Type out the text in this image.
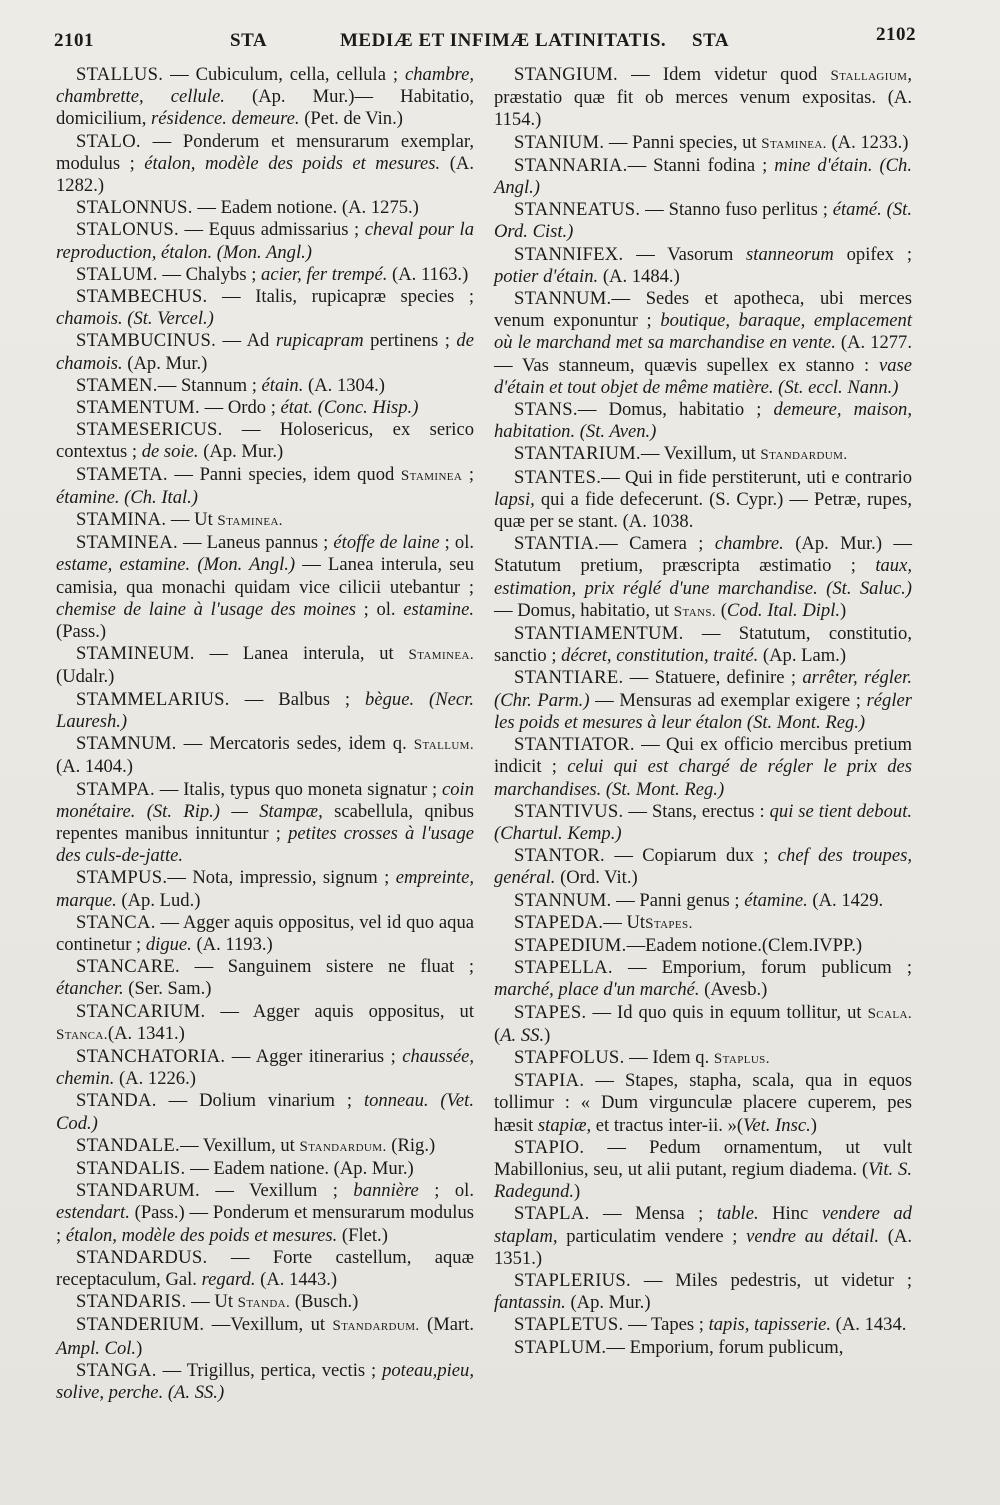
2101	STA	MEDIÆ ET INFIMÆ LATINITATIS. STA	2102

STALLUS. — Cubiculum, cella, cellula ; chambre, chambrette, cellule. (Ap. Mur.)— Habitatio, domicilium, résidence. demeure. (Pet. de Vin.)

STALO. — Ponderum et mensurarum exemplar, modulus ; étalon, modèle des poids et mesures. (A. 1282.)

STALONNUS. — Eadem notione. (A. 1275.)

STALONUS. — Equus admissarius ; cheval pour la reproduction, étalon. (Mon. Angl.)

STALUM. — Chalybs ; acier, fer trempé. (A. 1163.)

STAMBECHUS. — Italis, rupicapræ species ; chamois. (St. Vercel.)

STAMBUCINUS. — Ad rupicapram pertinens ; de chamois. (Ap. Mur.)

STAMEN.— Stannum ; étain. (A. 1304.)

STAMENTUM. — Ordo ; état. (Conc. Hisp.)

STAMESERICUS. — Holosericus, ex serico contextus ; de soie. (Ap. Mur.)

STAMETA. — Panni species, idem quod Staminea ; étamine. (Ch. Ital.)

STAMINA. — Ut Staminea.

STAMINEA. — Laneus pannus ; étoffe de laine ; ol. estame, estamine. (Mon. Angl.) — Lanea interula, seu camisia, qua monachi quidam vice cilicii utebantur ; chemise de laine à l'usage des moines ; ol. estamine. (Pass.)

STAMINEUM. — Lanea interula, ut Staminea. (Udalr.)

STAMMELARIUS. — Balbus ; bègue. (Necr. Lauresh.)

STAMNUM. — Mercatoris sedes, idem q. Stallum. (A. 1404.)

STAMPA. — Italis, typus quo moneta signatur ; coin monétaire. (St. Rip.) — Stampæ, scabellula, qnibus repentes manibus innituntur ; petites crosses à l'usage des culs-de-jatte.

STAMPUS.— Nota, impressio, signum ; empreinte, marque. (Ap. Lud.)

STANCA. — Agger aquis oppositus, vel id quo aqua continetur ; digue. (A. 1193.)

STANCARE. — Sanguinem sistere ne fluat ; étancher. (Ser. Sam.)

STANCARIUM. — Agger aquis oppositus, ut Stanca.(A. 1341.)

STANCHATORIA. — Agger itinerarius ; chaussée, chemin. (A. 1226.)

STANDA. — Dolium vinarium ; tonneau. (Vet. Cod.)

STANDALE.— Vexillum, ut Standardum. (Rig.)

STANDALIS. — Eadem natione. (Ap. Mur.)

STANDARUM. — Vexillum ; bannière ; ol. estendart. (Pass.) — Ponderum et mensurarum modulus ; étalon, modèle des poids et mesures. (Flet.)

STANDARDUS. — Forte castellum, aquæ receptaculum, Gal. regard. (A. 1443.)

STANDARIS. — Ut Standa. (Busch.)

STANDERIUM. —Vexillum, ut Standardum. (Mart. Ampl. Col.)

STANGA. — Trigillus, pertica, vectis ; poteau,pieu, solive, perche. (A. SS.)

STANGIUM. — Idem videtur quod Stallagium, præstatio quæ fit ob merces venum expositas. (A. 1154.)

STANIUM. — Panni species, ut Staminea. (A. 1233.)

STANNARIA.— Stanni fodina ; mine d'étain. (Ch. Angl.)

STANNEATUS. — Stanno fuso perlitus ; étamé. (St. Ord. Cist.)

STANNIFEX. — Vasorum stanneorum opifex ; potier d'étain. (A. 1484.)

STANNUM.— Sedes et apotheca, ubi merces venum exponuntur ; boutique, baraque, emplacement où le marchand met sa marchandise en vente. (A. 1277. — Vas stanneum, quævis supellex ex stanno : vase d'étain et tout objet de même matière. (St. eccl. Nann.)

STANS.— Domus, habitatio ; demeure, maison, habitation. (St. Aven.)

STANTARIUM.— Vexillum, ut Standardum.

STANTES.— Qui in fide perstiterunt, uti e contrario lapsi, qui a fide defecerunt. (S. Cypr.) — Petræ, rupes, quæ per se stant. (A. 1038.

STANTIA.— Camera ; chambre. (Ap. Mur.) — Statutum pretium, præscripta æstimatio ; taux, estimation, prix réglé d'une marchandise. (St. Saluc.) — Domus, habitatio, ut Stans. (Cod. Ital. Dipl.)

STANTIAMENTUM. — Statutum, constitutio, sanctio ; décret, constitution, traité. (Ap. Lam.)

STANTIARE. — Statuere, definire ; arrêter, régler. (Chr. Parm.) — Mensuras ad exemplar exigere ; régler les poids et mesures à leur étalon (St. Mont. Reg.)

STANTIATOR. — Qui ex officio mercibus pretium indicit ; celui qui est chargé de régler le prix des marchandises. (St. Mont. Reg.)

STANTIVUS. — Stans, erectus : qui se tient debout. (Chartul. Kemp.)

STANTOR. — Copiarum dux ; chef des troupes, genéral. (Ord. Vit.)

STANNUM. — Panni genus ; étamine. (A. 1429.

STAPEDA.— UtStapes.

STAPEDIUM.—Eadem notione.(Clem.IVPP.)

STAPELLA. — Emporium, forum publicum ; marché, place d'un marché. (Avesb.)

STAPES. — Id quo quis in equum tollitur, ut Scala. (A. SS.)

STAPFOLUS. — Idem q. Staplus.

STAPIA. — Stapes, stapha, scala, qua in equos tollimur : « Dum virgunculæ placere cuperem, pes hæsit stapiæ, et tractus inter-ii. »(Vet. Insc.)

STAPIO. — Pedum ornamentum, ut vult Mabillonius, seu, ut alii putant, regium diadema. (Vit. S. Radegund.)

STAPLA. — Mensa ; table. Hinc vendere ad staplam, particulatim vendere ; vendre au détail. (A. 1351.)

STAPLERIUS. — Miles pedestris, ut videtur ; fantassin. (Ap. Mur.)

STAPLETUS. — Tapes ; tapis, tapisserie. (A. 1434.

STAPLUM.— Emporium, forum publicum,
